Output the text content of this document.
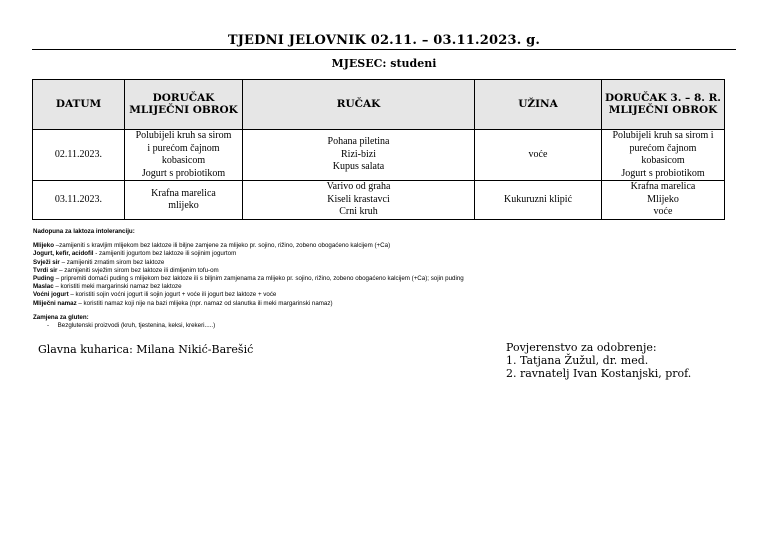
TJEDNI JELOVNIK 02.11. – 03.11.2023. g.
MJESEC: studeni
DATUM	DORUČAK MLIJEČNI OBROK	RUČAK	UŽINA	DORUČAK 3. – 8. R. MLIJEČNI OBROK
02.11.2023.	Polubijeli kruh sa sirom
i purećom čajnom
kobasicom
Jogurt s probiotikom	Pohana piletina
Rizi-bizi
Kupus salata	voće	Polubijeli kruh sa sirom i
purećom čajnom
kobasicom
Jogurt s probiotikom

03.11.2023.	Krafna marelica
mlijeko	Varivo od graha
Kiseli krastavci
Crni kruh	Kukuruzni klipić	Krafna marelica
Mlijeko
voće
Nadopuna za laktoza intoleranciju:
Mlijeko –zamijeniti s kravljim mlijekom bez laktoze ili biljne zamjene za mlijeko pr. sojino, rižino, zobeno obogaćeno kalcijem (+Ca)
Jogurt, kefir, acidofil - zamijeniti jogurtom bez laktoze ili sojinim jogurtom
Svježi sir – zamijeniti zrnatim sirom bez laktoze
Tvrdi sir – zamijeniti svježim sirom bez laktoze ili dimljenim tofu-om
Puding – pripremiti domaći puding s mlijekom bez laktoze ili s biljnim zamjenama za mlijeko pr. sojino, rižino, zobeno obogaćeno kalcijem (+Ca); sojin puding
Maslac – koristiti meki margarinski namaz bez laktoze
Voćni jogurt – koristiti sojin voćni jogurt ili sojin jogurt + voće ili jogurt bez laktoze + voće
Mliječni namaz – koristiti namaz koji nije na bazi mlijeka (npr. namaz od slanutka ili meki margarinski namaz)
Zamjena za gluten:
- Bezglutenski proizvodi (kruh, tjestenina, keksi, krekeri.....)
Glavna kuharica: Milana Nikić-Barešić	Povjerenstvo za odobrenje:
1. Tatjana Žužul, dr. med.
2. ravnatelj Ivan Kostanjski, prof.
